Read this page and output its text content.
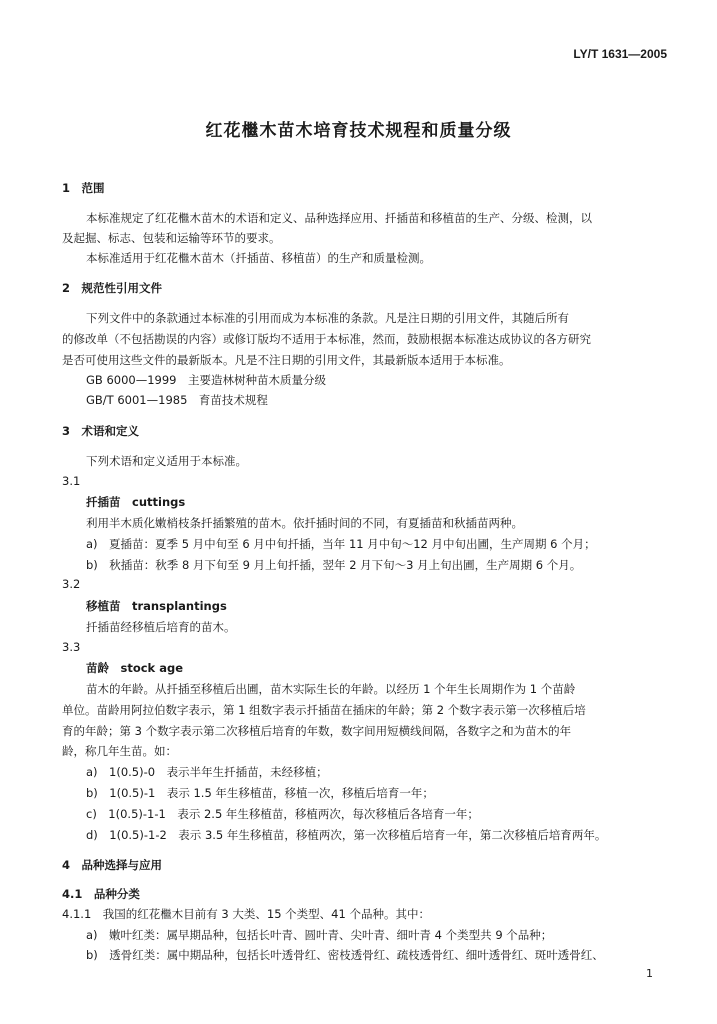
LY/T 1631—2005
红花檵木苗木培育技术规程和质量分级
1　范围
本标准规定了红花檵木苗木的术语和定义、品种选择应用、扦插苗和移植苗的生产、分级、检测，以
及起掘、标志、包装和运输等环节的要求。
本标准适用于红花檵木苗木（扦插苗、移植苗）的生产和质量检测。
2　规范性引用文件
下列文件中的条款通过本标准的引用而成为本标准的条款。凡是注日期的引用文件，其随后所有
的修改单（不包括勘误的内容）或修订版均不适用于本标准，然而，鼓励根据本标准达成协议的各方研究
是否可使用这些文件的最新版本。凡是不注日期的引用文件，其最新版本适用于本标准。
GB 6000—1999　主要造林树种苗木质量分级
GB/T 6001—1985　育苗技术规程
3　术语和定义
下列术语和定义适用于本标准。
3.1
扦插苗　cuttings
利用半木质化嫩梢枝条扦插繁殖的苗木。依扦插时间的不同，有夏插苗和秋插苗两种。
a)　夏插苗：夏季 5 月中旬至 6 月中旬扦插，当年 11 月中旬～12 月中旬出圃，生产周期 6 个月；
b)　秋插苗：秋季 8 月下旬至 9 月上旬扦插，翌年 2 月下旬～3 月上旬出圃，生产周期 6 个月。
3.2
移植苗　transplantings
扦插苗经移植后培育的苗木。
3.3
苗龄　stock age
苗木的年龄。从扦插至移植后出圃，苗木实际生长的年龄。以经历 1 个年生长周期作为 1 个苗龄
单位。苗龄用阿拉伯数字表示，第 1 组数字表示扦插苗在插床的年龄；第 2 个数字表示第一次移植后培
育的年龄；第 3 个数字表示第二次移植后培育的年数，数字间用短横线间隔，各数字之和为苗木的年
龄，称几年生苗。如：
a)　1(0.5)-0　表示半年生扦插苗，未经移植；
b)　1(0.5)-1　表示 1.5 年生移植苗，移植一次，移植后培育一年；
c)　1(0.5)-1-1　表示 2.5 年生移植苗，移植两次，每次移植后各培育一年；
d)　1(0.5)-1-2　表示 3.5 年生移植苗，移植两次，第一次移植后培育一年，第二次移植后培育两年。
4　品种选择与应用
4.1　品种分类
4.1.1　我国的红花檵木目前有 3 大类、15 个类型、41 个品种。其中：
a)　嫩叶红类：属早期品种，包括长叶青、圆叶青、尖叶青、细叶青 4 个类型共 9 个品种；
b)　透骨红类：属中期品种，包括长叶透骨红、密枝透骨红、疏枝透骨红、细叶透骨红、斑叶透骨红、
1
